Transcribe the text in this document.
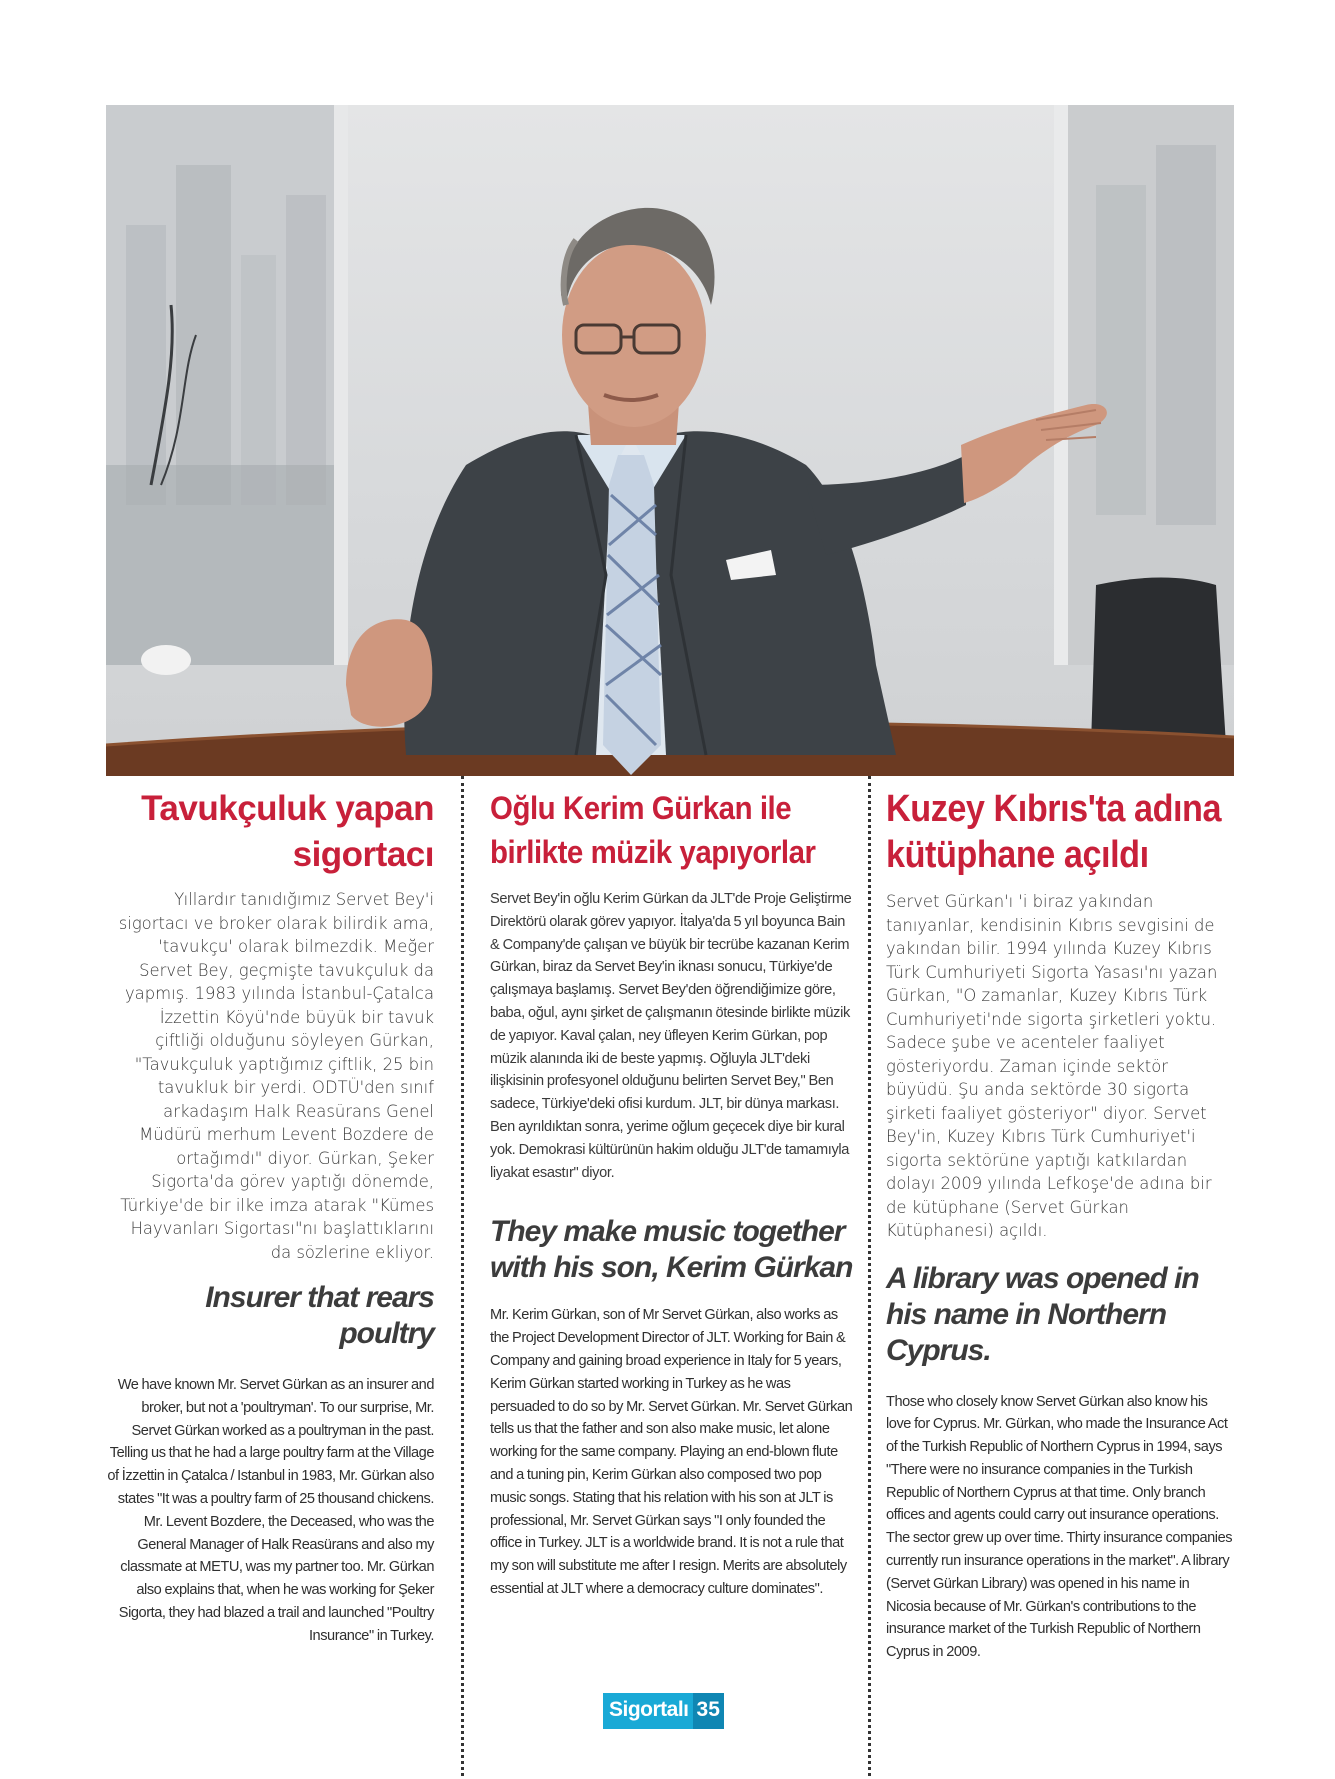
Tavukçuluk yapan sigortacı

Yıllardır tanıdığımız Servet Bey'i sigortacı ve broker olarak bilirdik ama, 'tavukçu' olarak bilmezdik. Meğer Servet Bey, geçmişte tavukçuluk da yapmış. 1983 yılında İstanbul-Çatalca İzzettin Köyü'nde büyük bir tavuk çiftliği olduğunu söyleyen Gürkan, "Tavukçuluk yaptığımız çiftlik, 25 bin tavukluk bir yerdi. ODTÜ'den sınıf arkadaşım Halk Reasürans Genel Müdürü merhum Levent Bozdere de ortağımdı" diyor. Gürkan, Şeker Sigorta'da görev yaptığı dönemde, Türkiye'de bir ilke imza atarak "Kümes Hayvanları Sigortası"nı başlattıklarını da sözlerine ekliyor.

Insurer that rears poultry

We have known Mr. Servet Gürkan as an insurer and broker, but not a 'poultryman'. To our surprise, Mr. Servet Gürkan worked as a poultryman in the past. Telling us that he had a large poultry farm at the Village of İzzettin in Çatalca / Istanbul in 1983, Mr. Gürkan also states "It was a poultry farm of 25 thousand chickens. Mr. Levent Bozdere, the Deceased, who was the General Manager of Halk Reasürans and also my classmate at METU, was my partner too. Mr. Gürkan also explains that, when he was working for Şeker Sigorta, they had blazed a trail and launched "Poultry Insurance" in Turkey.

Oğlu Kerim Gürkan ile birlikte müzik yapıyorlar

Servet Bey'in oğlu Kerim Gürkan da JLT'de Proje Geliştirme Direktörü olarak görev yapıyor. İtalya'da 5 yıl boyunca Bain & Company'de çalışan ve büyük bir tecrübe kazanan Kerim Gürkan, biraz da Servet Bey'in iknası sonucu, Türkiye'de çalışmaya başlamış. Servet Bey'den öğrendiğimize göre, baba, oğul, aynı şirket de çalışmanın ötesinde birlikte müzik de yapıyor. Kaval çalan, ney üfleyen Kerim Gürkan, pop müzik alanında iki de beste yapmış. Oğluyla JLT'deki ilişkisinin profesyonel olduğunu belirten Servet Bey," Ben sadece, Türkiye'deki ofisi kurdum. JLT, bir dünya markası. Ben ayrıldıktan sonra, yerime oğlum geçecek diye bir kural yok. Demokrasi kültürünün hakim olduğu JLT'de tamamıyla liyakat esastır" diyor.

They make music together with his son, Kerim Gürkan

Mr. Kerim Gürkan, son of Mr Servet Gürkan, also works as the Project Development Director of JLT. Working for Bain & Company and gaining broad experience in Italy for 5 years, Kerim Gürkan started working in Turkey as he was persuaded to do so by Mr. Servet Gürkan. Mr. Servet Gürkan tells us that the father and son also make music, let alone working for the same company. Playing an end-blown flute and a tuning pin, Kerim Gürkan also composed two pop music songs. Stating that his relation with his son at JLT is professional, Mr. Servet Gürkan says "I only founded the office in Turkey. JLT is a worldwide brand. It is not a rule that my son will substitute me after I resign. Merits are absolutely essential at JLT where a democracy culture dominates".

Kuzey Kıbrıs'ta adına kütüphane açıldı

Servet Gürkan'ı 'i biraz yakından tanıyanlar, kendisinin Kıbrıs sevgisini de yakından bilir. 1994 yılında Kuzey Kıbrıs Türk Cumhuriyeti Sigorta Yasası'nı yazan Gürkan, "O zamanlar, Kuzey Kıbrıs Türk Cumhuriyeti'nde sigorta şirketleri yoktu. Sadece şube ve acenteler faaliyet gösteriyordu. Zaman içinde sektör büyüdü. Şu anda sektörde 30 sigorta şirketi faaliyet gösteriyor" diyor. Servet Bey'in, Kuzey Kıbrıs Türk Cumhuriyet'i sigorta sektörüne yaptığı katkılardan dolayı 2009 yılında Lefkoşe'de adına bir de kütüphane (Servet Gürkan Kütüphanesi) açıldı.

A library was opened in his name in Northern Cyprus.

Those who closely know Servet Gürkan also know his love for Cyprus. Mr. Gürkan, who made the Insurance Act of the Turkish Republic of Northern Cyprus in 1994, says "There were no insurance companies in the Turkish Republic of Northern Cyprus at that time. Only branch offices and agents could carry out insurance operations. The sector grew up over time. Thirty insurance companies currently run insurance operations in the market". A library (Servet Gürkan Library) was opened in his name in Nicosia because of Mr. Gürkan's contributions to the insurance market of the Turkish Republic of Northern Cyprus in 2009.

Sigortalı 35
